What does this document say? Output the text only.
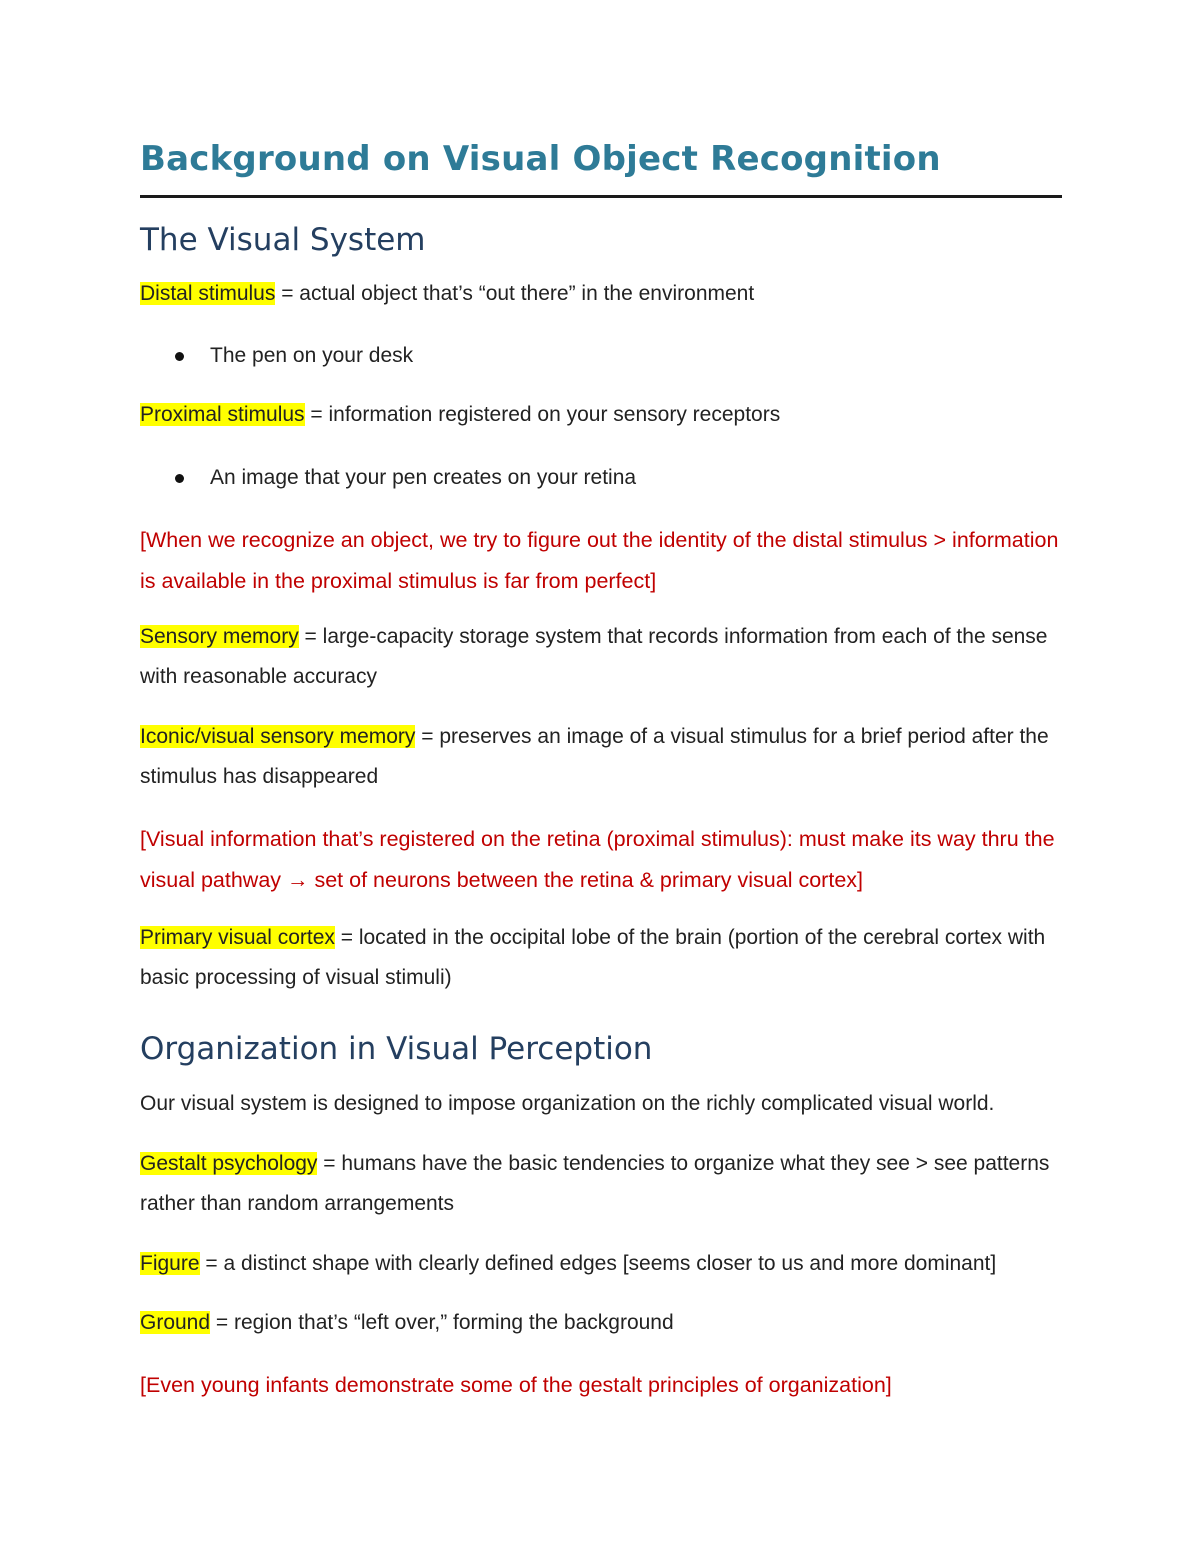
Background on Visual Object Recognition
The Visual System

Distal stimulus = actual object that’s “out there” in the environment

The pen on your desk

Proximal stimulus = information registered on your sensory receptors

An image that your pen creates on your retina

[When we recognize an object, we try to figure out the identity of the distal stimulus > information is available in the proximal stimulus is far from perfect]

Sensory memory = large-capacity storage system that records information from each of the sense with reasonable accuracy

Iconic/visual sensory memory = preserves an image of a visual stimulus for a brief period after the stimulus has disappeared

[Visual information that’s registered on the retina (proximal stimulus): must make its way thru the visual pathway → set of neurons between the retina & primary visual cortex]

Primary visual cortex = located in the occipital lobe of the brain (portion of the cerebral cortex with basic processing of visual stimuli)

Organization in Visual Perception

Our visual system is designed to impose organization on the richly complicated visual world.

Gestalt psychology = humans have the basic tendencies to organize what they see > see patterns rather than random arrangements

Figure = a distinct shape with clearly defined edges [seems closer to us and more dominant]

Ground = region that’s “left over,” forming the background

[Even young infants demonstrate some of the gestalt principles of organization]
